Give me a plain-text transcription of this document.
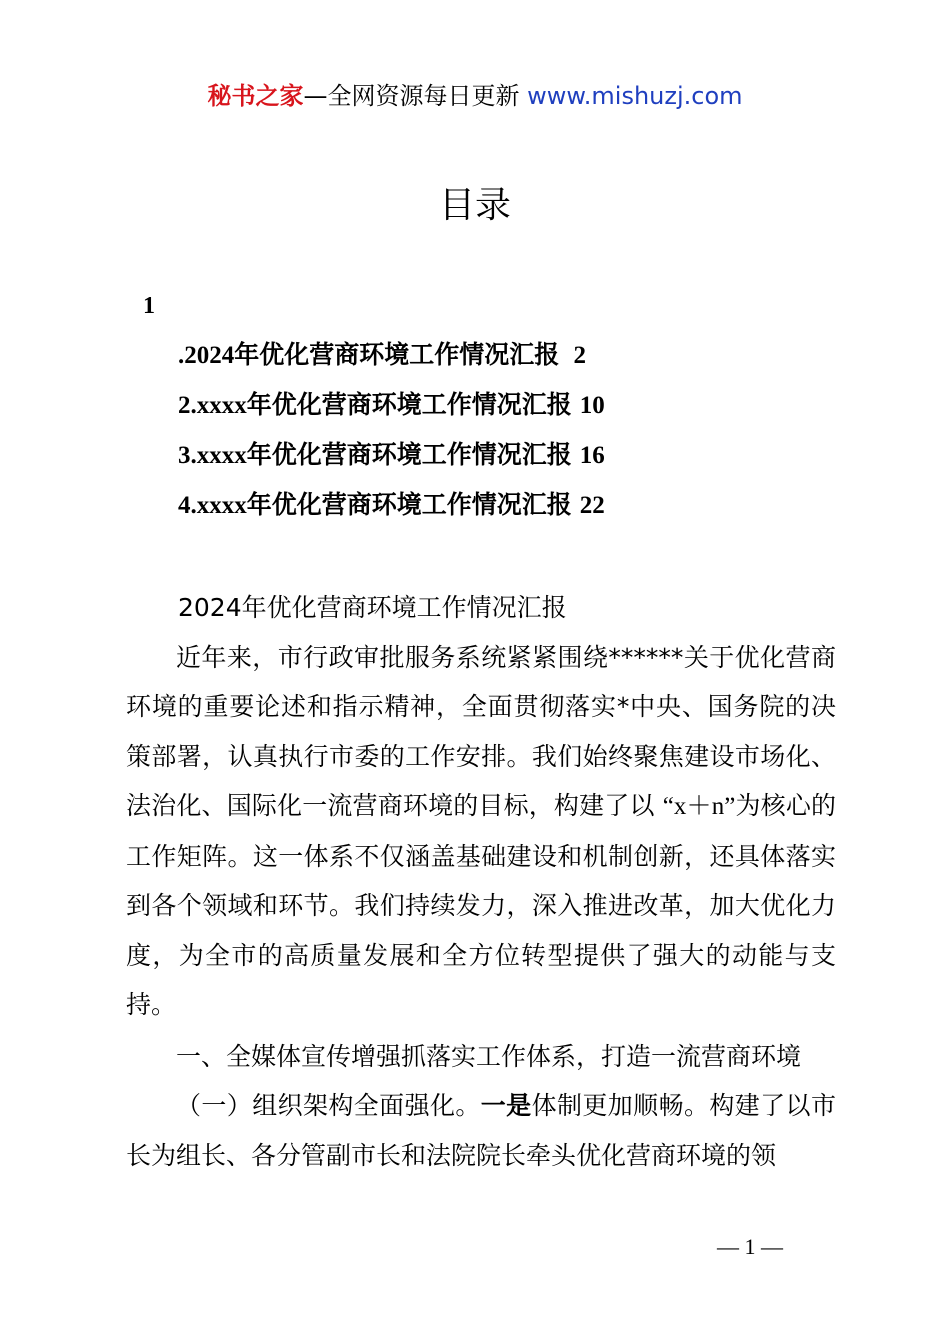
秘书之家—全网资源每日更新 www.mishuzj.com
目录
1
.2024年优化营商环境工作情况汇报 2
2.xxxx年优化营商环境工作情况汇报 10
3.xxxx年优化营商环境工作情况汇报 16
4.xxxx年优化营商环境工作情况汇报 22

2024年优化营商环境工作情况汇报

近年来，市行政审批服务系统紧紧围绕******关于优化营商环境的重要论述和指示精神，全面贯彻落实*中央、国务院的决策部署，认真执行市委的工作安排。我们始终聚焦建设市场化、法治化、国际化一流营商环境的目标，构建了以 “x＋n”为核心的工作矩阵。这一体系不仅涵盖基础建设和机制创新，还具体落实到各个领域和环节。我们持续发力，深入推进改革，加大优化力度，为全市的高质量发展和全方位转型提供了强大的动能与支持。

一、全媒体宣传增强抓落实工作体系，打造一流营商环境

（一）组织架构全面强化。一是体制更加顺畅。构建了以市长为组长、各分管副市长和法院院长牵头优化营商环境的领

— 1 —
